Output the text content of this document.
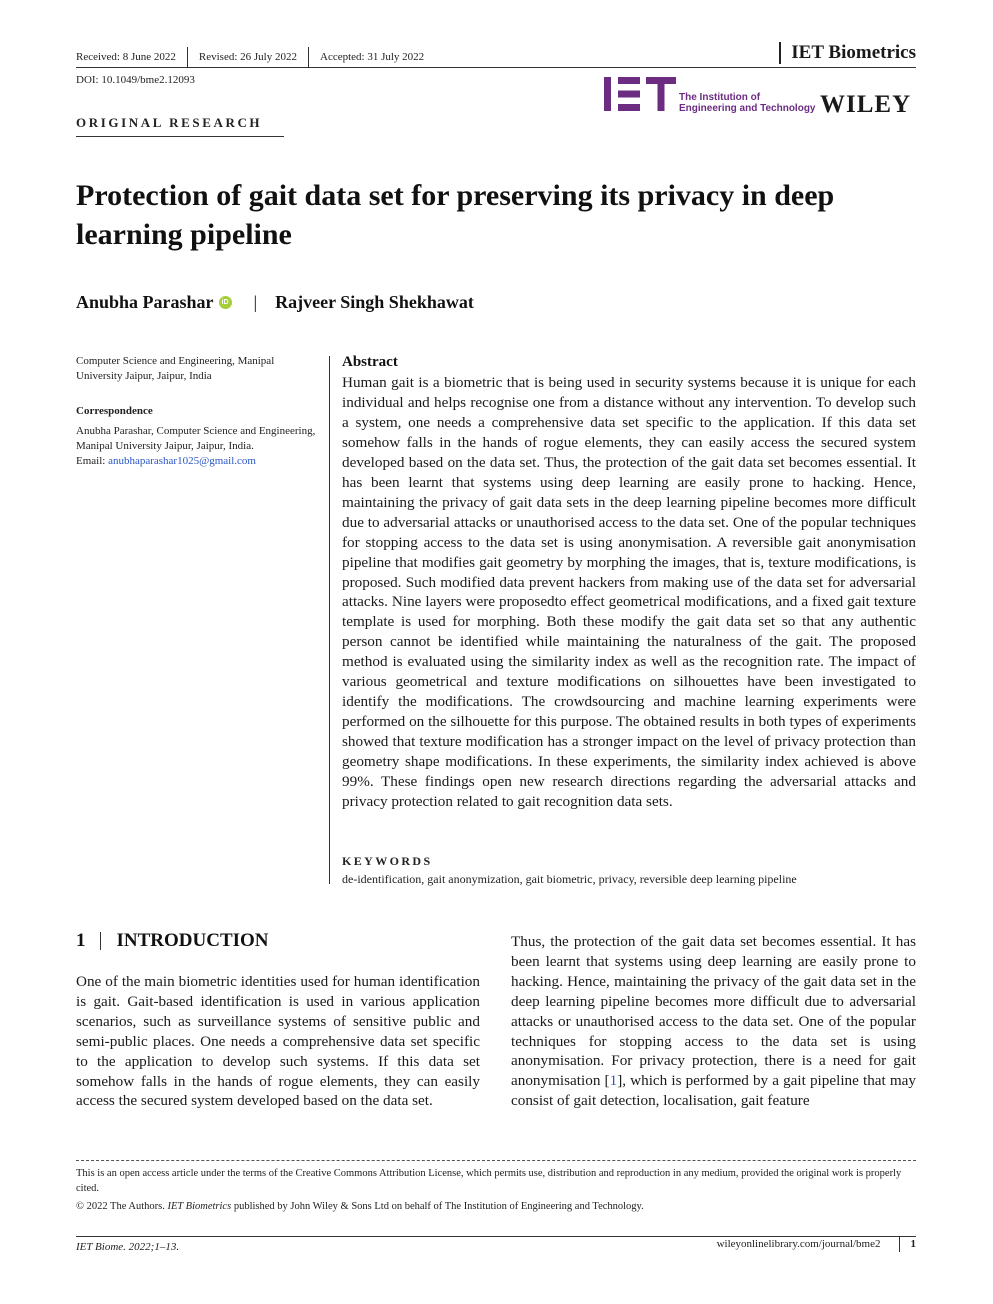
Received: 8 June 2022 Revised: 26 July 2022 Accepted: 31 July 2022	IET Biometrics
DOI: 10.1049/bme2.12093
The Institution of
Engineering and Technology WILEY
ORIGINAL RESEARCH
Protection of gait data set for preserving its privacy in deep learning pipeline
Anubha Parashar	iD | Rajveer Singh Shekhawat
Computer Science and Engineering, Manipal University Jaipur, Jaipur, India
Correspondence
Anubha Parashar, Computer Science and Engineering, Manipal University Jaipur, Jaipur, India.
Email: anubhaparashar1025@gmail.com
Abstract
Human gait is a biometric that is being used in security systems because it is unique for each individual and helps recognise one from a distance without any intervention. To develop such a system, one needs a comprehensive data set specific to the application. If this data set somehow falls in the hands of rogue elements, they can easily access the secured system developed based on the data set. Thus, the protection of the gait data set becomes essential. It has been learnt that systems using deep learning are easily prone to hacking. Hence, maintaining the privacy of gait data sets in the deep learning pipeline becomes more difficult due to adversarial attacks or unauthorised access to the data set. One of the popular techniques for stopping access to the data set is using anonymisation. A reversible gait anonymisation pipeline that modifies gait geometry by morphing the images, that is, texture modifications, is proposed. Such modified data prevent hackers from making use of the data set for adversarial attacks. Nine layers were proposedto effect geometrical modifications, and a fixed gait texture template is used for morphing. Both these modify the gait data set so that any authentic person cannot be identified while maintaining the naturalness of the gait. The proposed method is evaluated using the similarity index as well as the recognition rate. The impact of various geometrical and texture modifications on silhouettes have been investigated to identify the modifications. The crowdsourcing and machine learning experiments were performed on the silhouette for this purpose. The obtained results in both types of experiments showed that texture modification has a stronger impact on the level of privacy protection than geometry shape modifications. In these experiments, the similarity index achieved is above 99%. These findings open new research directions regarding the adversarial attacks and privacy protection related to gait recognition data sets.
KEYWORDS
de-identification, gait anonymization, gait biometric, privacy, reversible deep learning pipeline
1 INTRODUCTION
One of the main biometric identities used for human identification is gait. Gait-based identification is used in various application scenarios, such as surveillance systems of sensitive public and semi-public places. One needs a comprehensive data set specific to the application to develop such systems. If this data set somehow falls in the hands of rogue elements, they can easily access the secured system developed based on the data set.
Thus, the protection of the gait data set becomes essential. It has been learnt that systems using deep learning are easily prone to hacking. Hence, maintaining the privacy of the gait data set in the deep learning pipeline becomes more difficult due to adversarial attacks or unauthorised access to the data set. One of the popular techniques for stopping access to the data set is using anonymisation. For privacy protection, there is a need for gait anonymisation [1], which is performed by a gait pipeline that may consist of gait detection, localisation, gait feature
This is an open access article under the terms of the Creative Commons Attribution License, which permits use, distribution and reproduction in any medium, provided the original work is properly cited.
© 2022 The Authors. IET Biometrics published by John Wiley & Sons Ltd on behalf of The Institution of Engineering and Technology.
IET Biome. 2022;1–13.	wileyonlinelibrary.com/journal/bme2	1
